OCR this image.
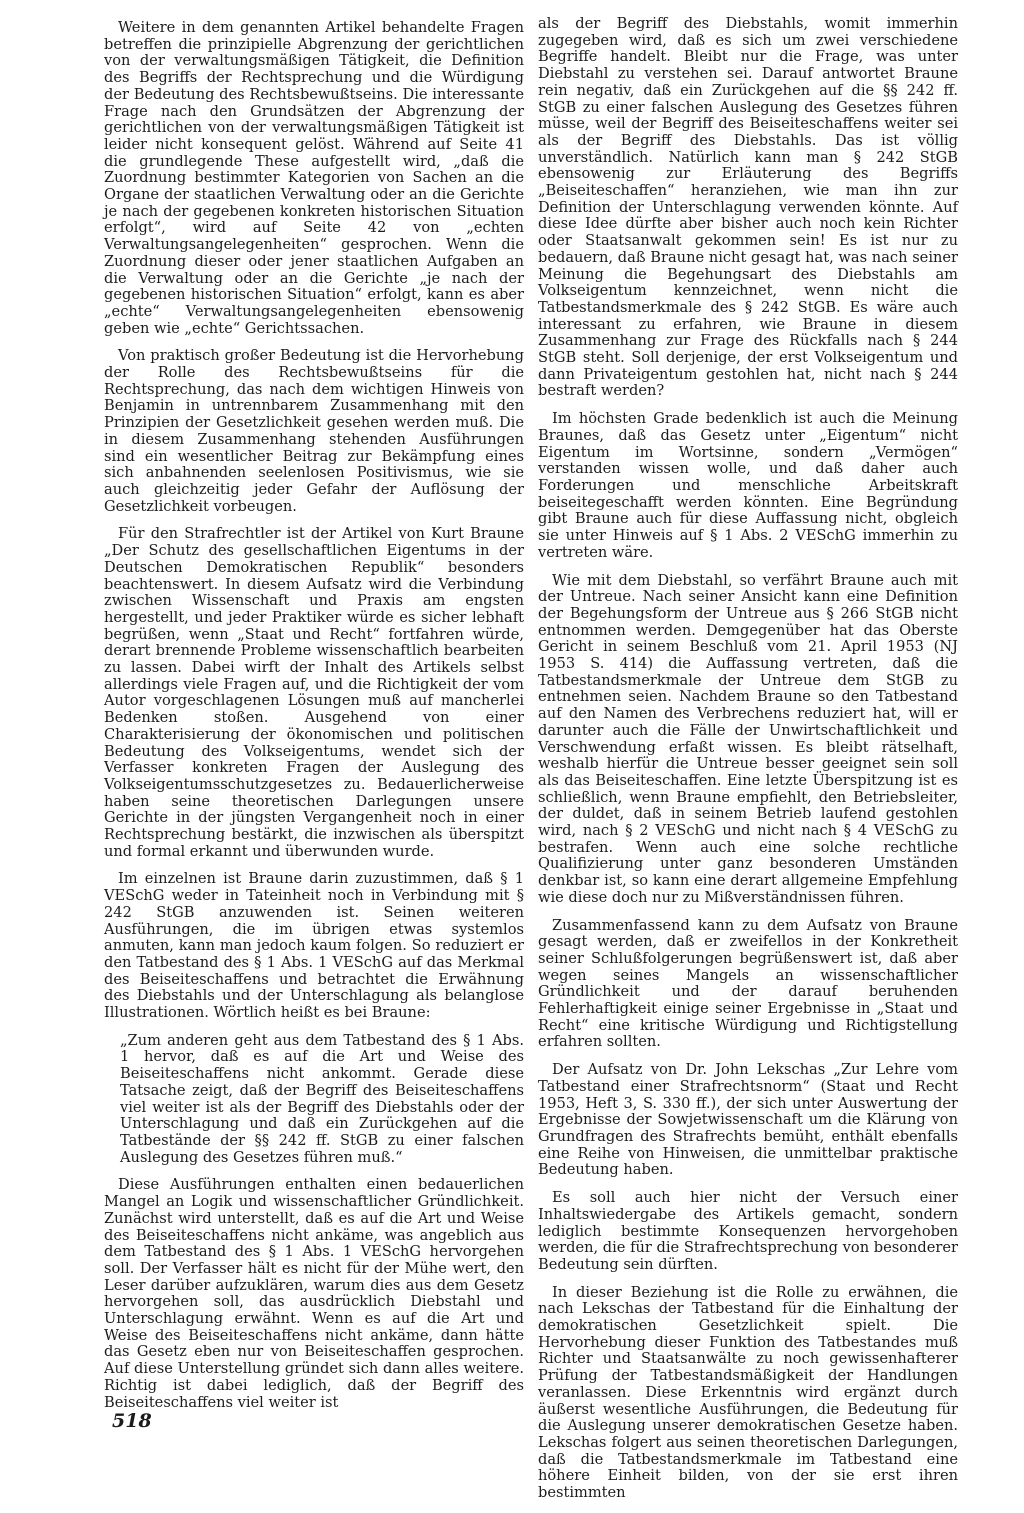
Weitere in dem genannten Artikel behandelte Fragen betreffen die prinzipielle Abgrenzung der gerichtlichen von der verwaltungsmäßigen Tätigkeit, die Definition des Begriffs der Rechtsprechung und die Würdigung der Bedeutung des Rechtsbewußtseins. Die interessante Frage nach den Grundsätzen der Abgrenzung der gerichtlichen von der verwaltungsmäßigen Tätigkeit ist leider nicht konsequent gelöst. Während auf Seite 41 die grundlegende These aufgestellt wird, „daß die Zuordnung bestimmter Kategorien von Sachen an die Organe der staatlichen Verwaltung oder an die Gerichte je nach der gegebenen konkreten historischen Situation erfolgt“, wird auf Seite 42 von „echten Verwaltungsangelegenheiten“ gesprochen. Wenn die Zuordnung dieser oder jener staatlichen Aufgaben an die Verwaltung oder an die Gerichte „je nach der gegebenen historischen Situation“ erfolgt, kann es aber „echte“ Verwaltungsangelegenheiten ebensowenig geben wie „echte“ Gerichtssachen.

Von praktisch großer Bedeutung ist die Hervorhebung der Rolle des Rechtsbewußtseins für die Rechtsprechung, das nach dem wichtigen Hinweis von Benjamin in untrennbarem Zusammenhang mit den Prinzipien der Gesetzlichkeit gesehen werden muß. Die in diesem Zusammenhang stehenden Ausführungen sind ein wesentlicher Beitrag zur Bekämpfung eines sich anbahnenden seelenlosen Positivismus, wie sie auch gleichzeitig jeder Gefahr der Auflösung der Gesetzlichkeit vorbeugen.

Für den Strafrechtler ist der Artikel von Kurt Braune „Der Schutz des gesellschaftlichen Eigentums in der Deutschen Demokratischen Republik“ besonders beachtenswert. In diesem Aufsatz wird die Verbindung zwischen Wissenschaft und Praxis am engsten hergestellt, und jeder Praktiker würde es sicher lebhaft begrüßen, wenn „Staat und Recht“ fortfahren würde, derart brennende Probleme wissenschaftlich bearbeiten zu lassen. Dabei wirft der Inhalt des Artikels selbst allerdings viele Fragen auf, und die Richtigkeit der vom Autor vorgeschlagenen Lösungen muß auf mancherlei Bedenken stoßen. Ausgehend von einer Charakterisierung der ökonomischen und politischen Bedeutung des Volkseigentums, wendet sich der Verfasser konkreten Fragen der Auslegung des Volkseigentumsschutzgesetzes zu. Bedauerlicherweise haben seine theoretischen Darlegungen unsere Gerichte in der jüngsten Vergangenheit noch in einer Rechtsprechung bestärkt, die inzwischen als überspitzt und formal erkannt und überwunden wurde.

Im einzelnen ist Braune darin zuzustimmen, daß § 1 VESchG weder in Tateinheit noch in Verbindung mit § 242 StGB anzuwenden ist. Seinen weiteren Ausführungen, die im übrigen etwas systemlos anmuten, kann man jedoch kaum folgen. So reduziert er den Tatbestand des § 1 Abs. 1 VESchG auf das Merkmal des Beiseiteschaffens und betrachtet die Erwähnung des Diebstahls und der Unterschlagung als belanglose Illustrationen. Wörtlich heißt es bei Braune:

„Zum anderen geht aus dem Tatbestand des § 1 Abs. 1 hervor, daß es auf die Art und Weise des Beiseiteschaffens nicht ankommt. Gerade diese Tatsache zeigt, daß der Begriff des Beiseiteschaffens viel weiter ist als der Begriff des Diebstahls oder der Unterschlagung und daß ein Zurückgehen auf die Tatbestände der §§ 242 ff. StGB zu einer falschen Auslegung des Gesetzes führen muß.“

Diese Ausführungen enthalten einen bedauerlichen Mangel an Logik und wissenschaftlicher Gründlichkeit. Zunächst wird unterstellt, daß es auf die Art und Weise des Beiseiteschaffens nicht ankäme, was angeblich aus dem Tatbestand des § 1 Abs. 1 VESchG hervorgehen soll. Der Verfasser hält es nicht für der Mühe wert, den Leser darüber aufzuklären, warum dies aus dem Gesetz hervorgehen soll, das ausdrücklich Diebstahl und Unterschlagung erwähnt. Wenn es auf die Art und Weise des Beiseiteschaffens nicht ankäme, dann hätte das Gesetz eben nur von Beiseiteschaffen gesprochen. Auf diese Unterstellung gründet sich dann alles weitere. Richtig ist dabei lediglich, daß der Begriff des Beiseiteschaffens viel weiter ist

als der Begriff des Diebstahls, womit immerhin zugegeben wird, daß es sich um zwei verschiedene Begriffe handelt. Bleibt nur die Frage, was unter Diebstahl zu verstehen sei. Darauf antwortet Braune rein negativ, daß ein Zurückgehen auf die §§ 242 ff. StGB zu einer falschen Auslegung des Gesetzes führen müsse, weil der Begriff des Beiseiteschaffens weiter sei als der Begriff des Diebstahls. Das ist völlig unverständlich. Natürlich kann man § 242 StGB ebensowenig zur Erläuterung des Begriffs „Beiseiteschaffen“ heranziehen, wie man ihn zur Definition der Unterschlagung verwenden könnte. Auf diese Idee dürfte aber bisher auch noch kein Richter oder Staatsanwalt gekommen sein! Es ist nur zu bedauern, daß Braune nicht gesagt hat, was nach seiner Meinung die Begehungsart des Diebstahls am Volkseigentum kennzeichnet, wenn nicht die Tatbestandsmerkmale des § 242 StGB. Es wäre auch interessant zu erfahren, wie Braune in diesem Zusammenhang zur Frage des Rückfalls nach § 244 StGB steht. Soll derjenige, der erst Volkseigentum und dann Privateigentum gestohlen hat, nicht nach § 244 bestraft werden?

Im höchsten Grade bedenklich ist auch die Meinung Braunes, daß das Gesetz unter „Eigentum“ nicht Eigentum im Wortsinne, sondern „Vermögen“ verstanden wissen wolle, und daß daher auch Forderungen und menschliche Arbeitskraft beiseitegeschafft werden könnten. Eine Begründung gibt Braune auch für diese Auffassung nicht, obgleich sie unter Hinweis auf § 1 Abs. 2 VESchG immerhin zu vertreten wäre.

Wie mit dem Diebstahl, so verfährt Braune auch mit der Untreue. Nach seiner Ansicht kann eine Definition der Begehungsform der Untreue aus § 266 StGB nicht entnommen werden. Demgegenüber hat das Oberste Gericht in seinem Beschluß vom 21. April 1953 (NJ 1953 S. 414) die Auffassung vertreten, daß die Tatbestandsmerkmale der Untreue dem StGB zu entnehmen seien. Nachdem Braune so den Tatbestand auf den Namen des Verbrechens reduziert hat, will er darunter auch die Fälle der Unwirtschaftlichkeit und Verschwendung erfaßt wissen. Es bleibt rätselhaft, weshalb hierfür die Untreue besser geeignet sein soll als das Beiseiteschaffen. Eine letzte Überspitzung ist es schließlich, wenn Braune empfiehlt, den Betriebsleiter, der duldet, daß in seinem Betrieb laufend gestohlen wird, nach § 2 VESchG und nicht nach § 4 VESchG zu bestrafen. Wenn auch eine solche rechtliche Qualifizierung unter ganz besonderen Umständen denkbar ist, so kann eine derart allgemeine Empfehlung wie diese doch nur zu Mißverständnissen führen.

Zusammenfassend kann zu dem Aufsatz von Braune gesagt werden, daß er zweifellos in der Konkretheit seiner Schlußfolgerungen begrüßenswert ist, daß aber wegen seines Mangels an wissenschaftlicher Gründlichkeit und der darauf beruhenden Fehlerhaftigkeit einige seiner Ergebnisse in „Staat und Recht“ eine kritische Würdigung und Richtigstellung erfahren sollten.

Der Aufsatz von Dr. John Lekschas „Zur Lehre vom Tatbestand einer Strafrechtsnorm“ (Staat und Recht 1953, Heft 3, S. 330 ff.), der sich unter Auswertung der Ergebnisse der Sowjetwissenschaft um die Klärung von Grundfragen des Strafrechts bemüht, enthält ebenfalls eine Reihe von Hinweisen, die unmittelbar praktische Bedeutung haben.

Es soll auch hier nicht der Versuch einer Inhaltswiedergabe des Artikels gemacht, sondern lediglich bestimmte Konsequenzen hervorgehoben werden, die für die Strafrechtsprechung von besonderer Bedeutung sein dürften.

In dieser Beziehung ist die Rolle zu erwähnen, die nach Lekschas der Tatbestand für die Einhaltung der demokratischen Gesetzlichkeit spielt. Die Hervorhebung dieser Funktion des Tatbestandes muß Richter und Staatsanwälte zu noch gewissenhafterer Prüfung der Tatbestandsmäßigkeit der Handlungen veranlassen. Diese Erkenntnis wird ergänzt durch äußerst wesentliche Ausführungen, die Bedeutung für die Auslegung unserer demokratischen Gesetze haben. Lekschas folgert aus seinen theoretischen Darlegungen, daß die Tatbestandsmerkmale im Tatbestand eine höhere Einheit bilden, von der sie erst ihren bestimmten

518
